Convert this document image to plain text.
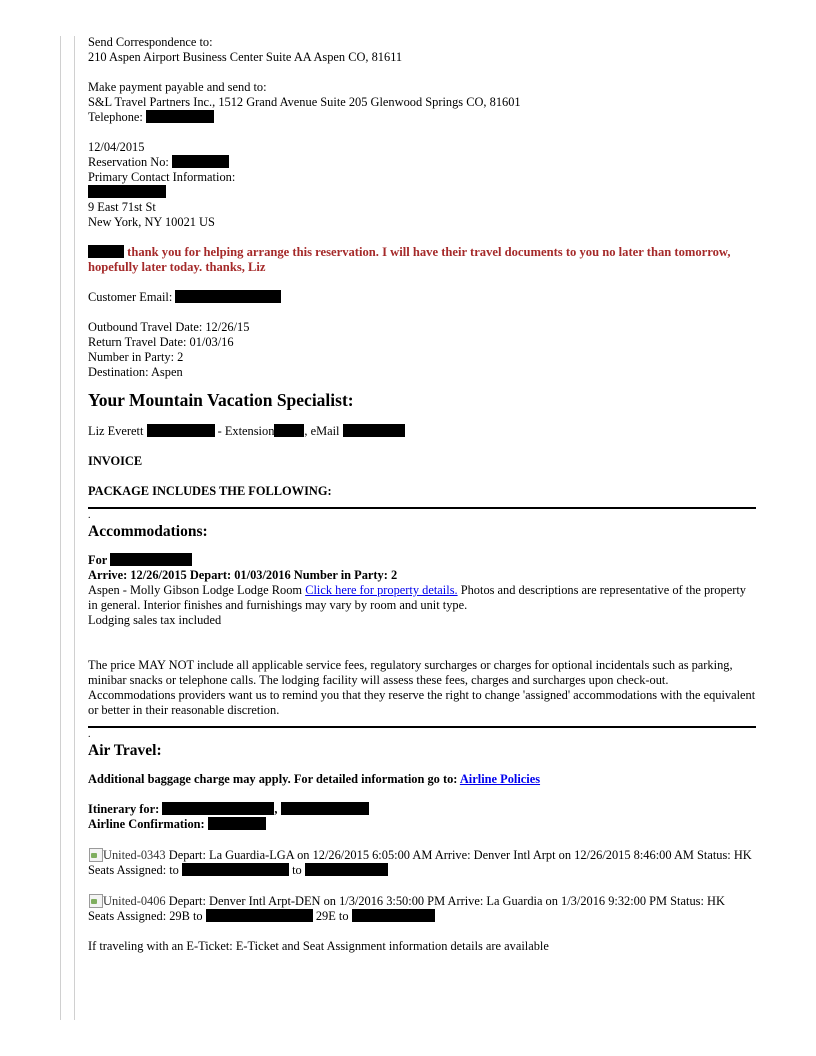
Send Correspondence to:

210 Aspen Airport Business Center Suite AA Aspen CO, 81611

Make payment payable and send to:

S&L Travel Partners Inc., 1512 Grand Avenue Suite 205 Glenwood Springs CO, 81601

Telephone:

12/04/2015

Reservation No:

Primary Contact Information:

9 East 71st St

New York, NY 10021 US

thank you for helping arrange this reservation. I will have their travel documents to you no later than tomorrow, hopefully later today. thanks, Liz

Customer Email:

Outbound Travel Date: 12/26/15

Return Travel Date: 01/03/16

Number in Party: 2

Destination: Aspen

Your Mountain Vacation Specialist:

Liz Everett	- Extension , eMail

INVOICE

PACKAGE INCLUDES THE FOLLOWING:

.

Accommodations:

For

Arrive: 12/26/2015 Depart: 01/03/2016 Number in Party: 2

Aspen - Molly Gibson Lodge Lodge Room Click here for property details. Photos and descriptions are representative of the property in general. Interior finishes and furnishings may vary by room and unit type.

Lodging sales tax included

The price MAY NOT include all applicable service fees, regulatory surcharges or charges for optional incidentals such as parking, minibar snacks or telephone calls. The lodging facility will assess these fees, charges and surcharges upon check-out. Accommodations providers want us to remind you that they reserve the right to change 'assigned' accommodations with the equivalent or better in their reasonable discretion.

.

Air Travel:

Additional baggage charge may apply. For detailed information go to: Airline Policies

Itinerary for:	,

Airline Confirmation:

United-0343 Depart: La Guardia-LGA on 12/26/2015 6:05:00 AM Arrive: Denver Intl Arpt on 12/26/2015 8:46:00 AM Status: HK

Seats Assigned: to	to

United-0406 Depart: Denver Intl Arpt-DEN on 1/3/2016 3:50:00 PM Arrive: La Guardia on 1/3/2016 9:32:00 PM Status: HK

Seats Assigned: 29B to	29E to

If traveling with an E-Ticket: E-Ticket and Seat Assignment information details are available
